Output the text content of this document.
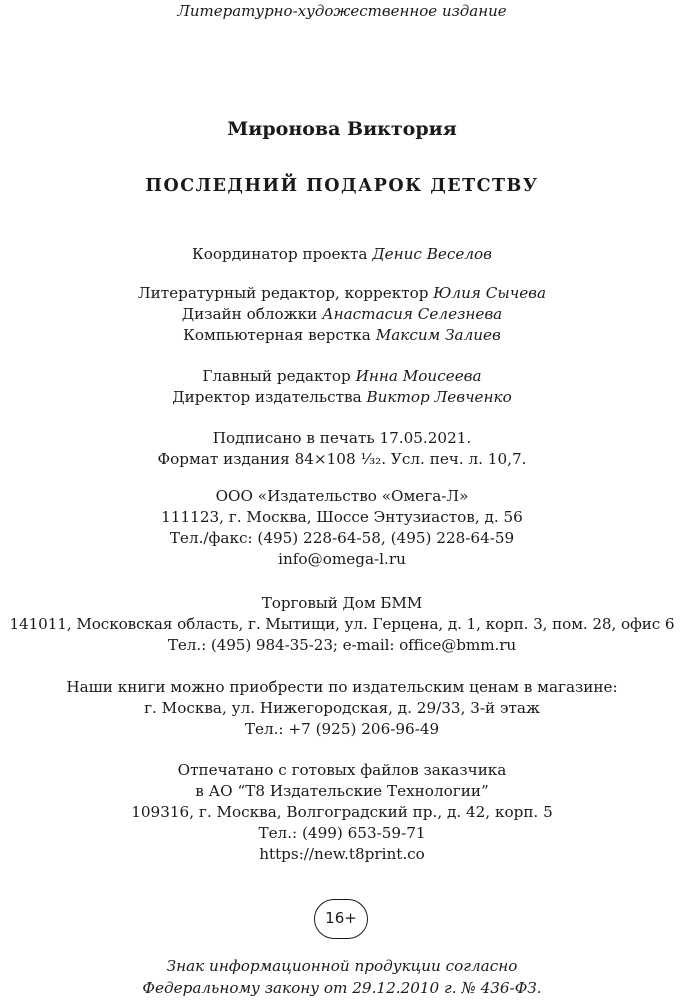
Литературно-художественное издание
Миронова Виктория
ПОСЛЕДНИЙ ПОДАРОК ДЕТСТВУ
Координатор проекта Денис Веселов
Литературный редактор, корректор Юлия Сычева
Дизайн обложки Анастасия Селезнева
Компьютерная верстка Максим Залиев
Главный редактор Инна Моисеева
Директор издательства Виктор Левченко
Подписано в печать 17.05.2021.
Формат издания 84×108 ¹⁄₃₂. Усл. печ. л. 10,7.
ООО «Издательство «Омега-Л»
111123, г. Москва, Шоссе Энтузиастов, д. 56
Тел./факс: (495) 228-64-58, (495) 228-64-59
info@omega-l.ru
Торговый Дом БММ
141011, Московская область, г. Мытищи, ул. Герцена, д. 1, корп. 3, пом. 28, офис 6
Тел.: (495) 984-35-23; e-mail: office@bmm.ru
Наши книги можно приобрести по издательским ценам в магазине:
г. Москва, ул. Нижегородская, д. 29/33, 3-й этаж
Тел.: +7 (925) 206-96-49
Отпечатано с готовых файлов заказчика
в АО “Т8 Издательские Технологии”
109316, г. Москва, Волгоградский пр., д. 42, корп. 5
Тел.: (499) 653-59-71
https://new.t8print.co
16+
Знак информационной продукции согласно
Федеральному закону от 29.12.2010 г. № 436-ФЗ.
